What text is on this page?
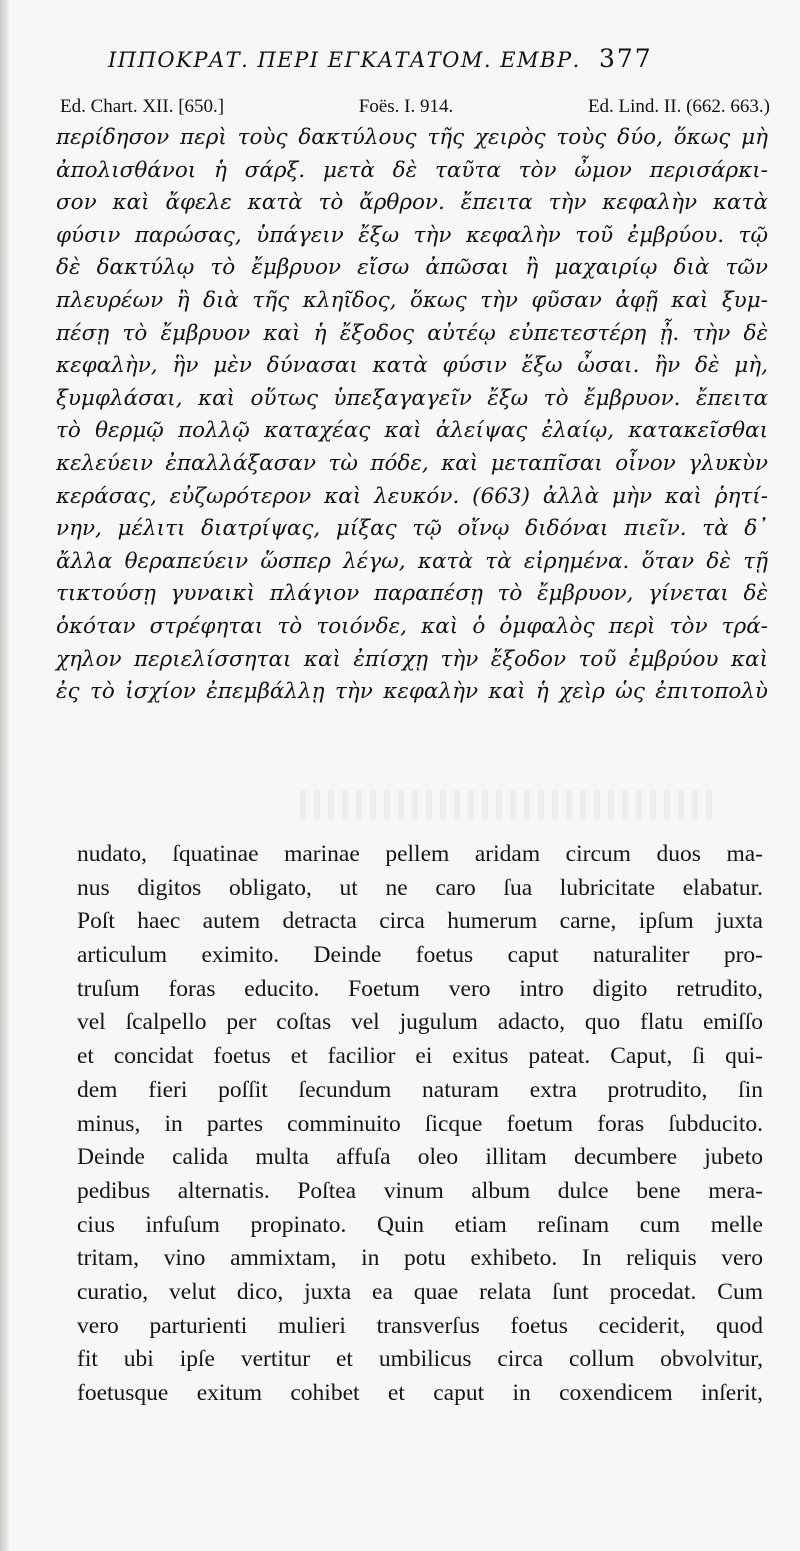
ΙΠΠΟΚΡΑΤ. ΠΕΡΙ ΕΓΚΑΤΑΤΟΜ. ΕΜΒΡ. 377
Ed. Chart. XII. [650.]	Foës. I. 914.	Ed. Lind. II. (662. 663.)
περίδησον περὶ τοὺς δακτύλους τῆς χειρὸς τοὺς δύο, ὅκως μὴ
ἀπολισθάνοι ἡ σάρξ. μετὰ δὲ ταῦτα τὸν ὦμον περισάρκι-
σον καὶ ἄφελε κατὰ τὸ ἄρθρον. ἔπειτα τὴν κεφαλὴν κατὰ
φύσιν παρώσας, ὑπάγειν ἔξω τὴν κεφαλὴν τοῦ ἐμβρύου. τῷ
δὲ δακτύλῳ τὸ ἔμβρυον εἴσω ἀπῶσαι ἢ μαχαιρίῳ διὰ τῶν
πλευρέων ἢ διὰ τῆς κληῖδος, ὅκως τὴν φῦσαν ἀφῇ καὶ ξυμ-
πέσῃ τὸ ἔμβρυον καὶ ἡ ἔξοδος αὐτέῳ εὐπετεστέρη ᾖ. τὴν δὲ
κεφαλὴν, ἣν μὲν δύνασαι κατὰ φύσιν ἔξω ὦσαι. ἢν δὲ μὴ,
ξυμφλάσαι, καὶ οὕτως ὑπεξαγαγεῖν ἔξω τὸ ἔμβρυον. ἔπειτα
τὸ θερμῷ πολλῷ καταχέας καὶ ἀλείψας ἐλαίῳ, κατακεῖσθαι
κελεύειν ἐπαλλάξασαν τὼ πόδε, καὶ μεταπῖσαι οἶνον γλυκὺν
κεράσας, εὐζωρότερον καὶ λευκόν. (663) ἀλλὰ μὴν καὶ ῥητί-
νην, μέλιτι διατρίψας, μίξας τῷ οἴνῳ διδόναι πιεῖν. τὰ δ᾽
ἄλλα θεραπεύειν ὥσπερ λέγω, κατὰ τὰ εἰρημένα. ὅταν δὲ τῇ
τικτούσῃ γυναικὶ πλάγιον παραπέσῃ τὸ ἔμβρυον, γίνεται δὲ
ὁκόταν στρέφηται τὸ τοιόνδε, καὶ ὁ ὀμφαλὸς περὶ τὸν τρά-
χηλον περιελίσσηται καὶ ἐπίσχῃ τὴν ἔξοδον τοῦ ἐμβρύου καὶ
ἐς τὸ ἰσχίον ἐπεμβάλλῃ τὴν κεφαλὴν καὶ ἡ χεὶρ ὡς ἐπιτοπολὺ
nudato, ſquatinae marinae pellem aridam circum duos ma-
nus digitos obligato, ut ne caro ſua lubricitate elabatur.
Poſt haec autem detracta circa humerum carne, ipſum juxta
articulum eximito. Deinde foetus caput naturaliter pro-
truſum foras educito. Foetum vero intro digito retrudito,
vel ſcalpello per coſtas vel jugulum adacto, quo flatu emiſſo
et concidat foetus et facilior ei exitus pateat. Caput, ſi qui-
dem fieri poſſit ſecundum naturam extra protrudito, ſin
minus, in partes comminuito ſicque foetum foras ſubducito.
Deinde calida multa affuſa oleo illitam decumbere jubeto
pedibus alternatis. Poſtea vinum album dulce bene mera-
cius infuſum propinato. Quin etiam reſinam cum melle
tritam, vino ammixtam, in potu exhibeto. In reliquis vero
curatio, velut dico, juxta ea quae relata ſunt procedat. Cum
vero parturienti mulieri transverſus foetus ceciderit, quod
fit ubi ipſe vertitur et umbilicus circa collum obvolvitur,
foetusque exitum cohibet et caput in coxendicem inſerit,
